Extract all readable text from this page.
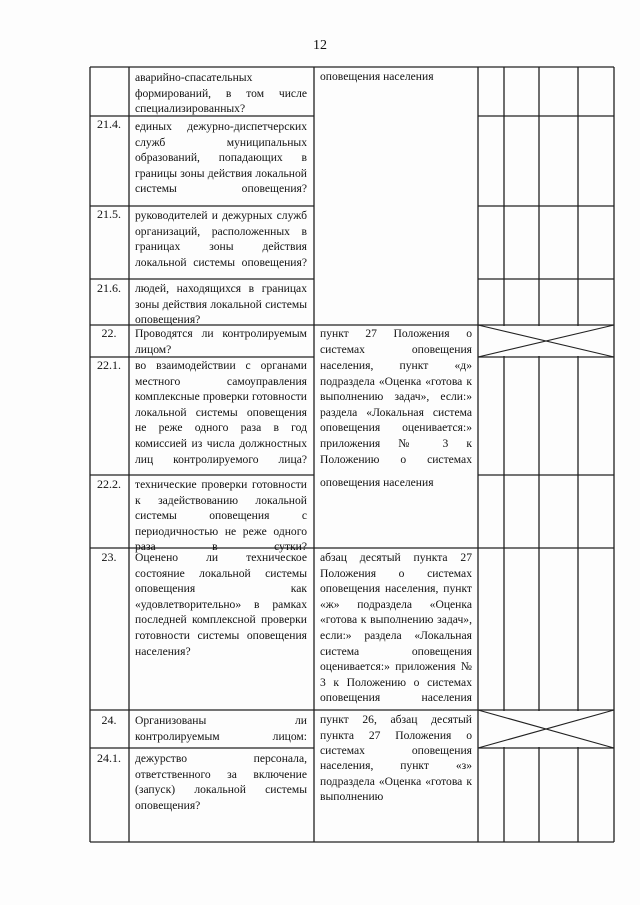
12
21.4.
21.5.
21.6.
22.
22.1.
22.2.
23.
24.
24.1.
аварийно-спасательных формирований, в том числе специализированных?
единых дежурно-диспетчерских служб муниципальных образований, попадающих в границы зоны действия локальной системы оповещения?
руководителей и дежурных служб организаций, расположенных в границах зоны действия локальной системы оповещения?
людей, находящихся в границах зоны действия локальной системы оповещения?
Проводятся ли контролируемым лицом?
во взаимодействии с органами местного самоуправления комплексные проверки готовности локальной системы оповещения не реже одного раза в год комиссией из числа должностных лиц контролируемого лица?
технические проверки готовности к задействованию локальной системы оповещения с периодичностью не реже одного раза в сутки?
Оценено ли техническое состояние локальной системы оповещения как «удовлетворительно» в рамках последней комплексной проверки готовности системы оповещения населения?
Организованы ли контролируемым лицом:
дежурство персонала, ответственного за включение (запуск) локальной системы оповещения?
оповещения населения
пункт 27 Положения о системах оповещения
населения, пункт «д» подраздела «Оценка «готова к выполнению задач», если:» раздела «Локальная система оповещения оценивается:» приложения № 3 к Положению о системах
оповещения населения
абзац десятый пункта 27 Положения о системах оповещения населения, пункт «ж» подраздела «Оценка «готова к выполнению задач», если:» раздела «Локальная система оповещения оценивается:» приложения № 3 к Положению о системах оповещения населения
пункт 26, абзац десятый пункта 27 Положения о системах оповещения
населения, пункт «з» подраздела «Оценка «готова к выполнению
